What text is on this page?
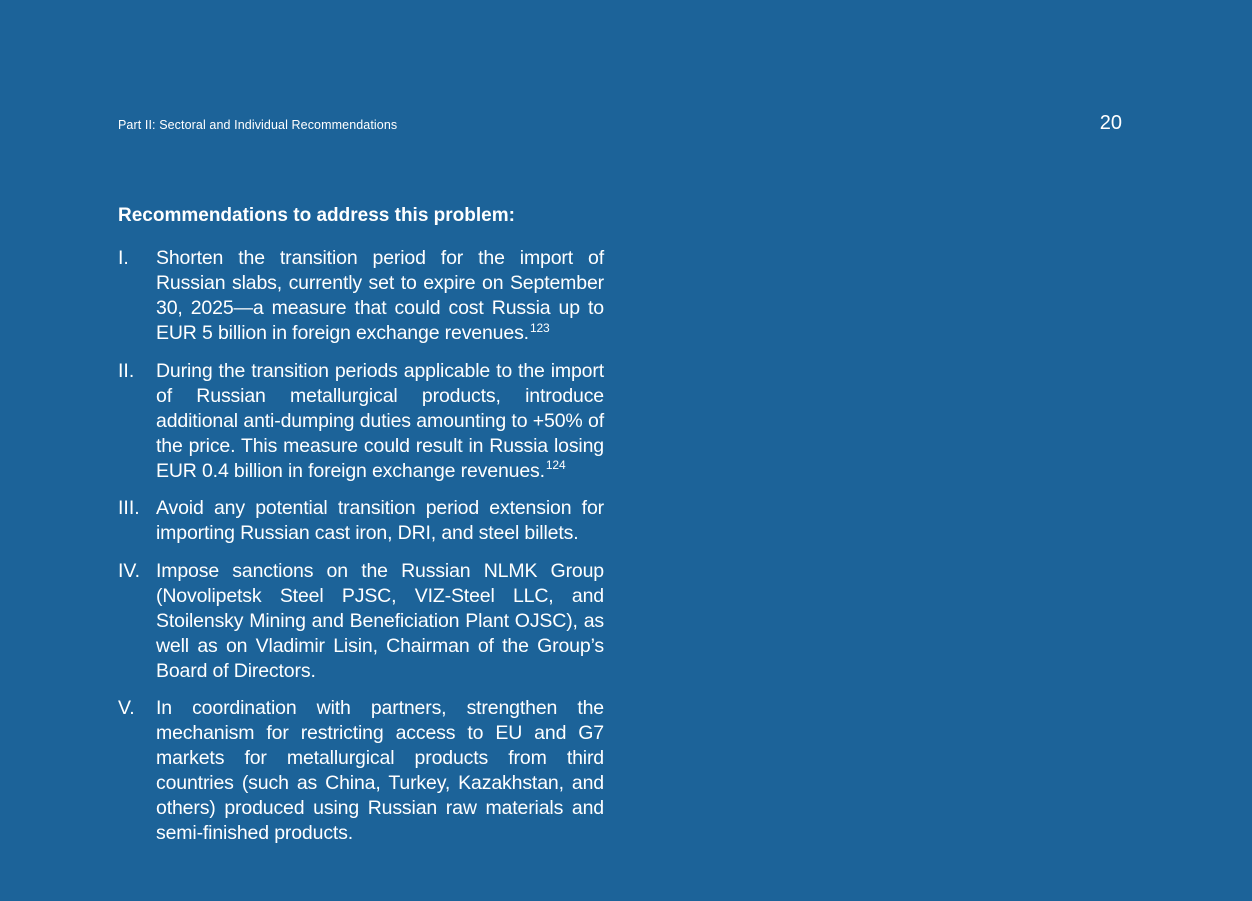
Part II: Sectoral and Individual Recommendations	20
Recommendations to address this problem:
I.	Shorten the transition period for the import of Russian slabs, currently set to expire on September 30, 2025—a measure that could cost Russia up to EUR 5 billion in foreign exchange revenues.$^{123}$
II.	During the transition periods applicable to the import of Russian metallurgical products, introduce additional anti-dumping duties amounting to +50% of the price. This measure could result in Russia losing EUR 0.4 billion in foreign exchange revenues.$^{124}$
III. Avoid any potential transition period extension for importing Russian cast iron, DRI, and steel billets.
IV. Impose sanctions on the Russian NLMK Group (Novolipetsk Steel PJSC, VIZ-Steel LLC, and Stoilensky Mining and Beneficiation Plant OJSC), as well as on Vladimir Lisin, Chairman of the Group’s Board of Directors.
V.	In coordination with partners, strengthen the mechanism for restricting access to EU and G7 markets for metallurgical products from third countries (such as China, Turkey, Kazakhstan, and others) produced using Russian raw materials and semi-finished products.
